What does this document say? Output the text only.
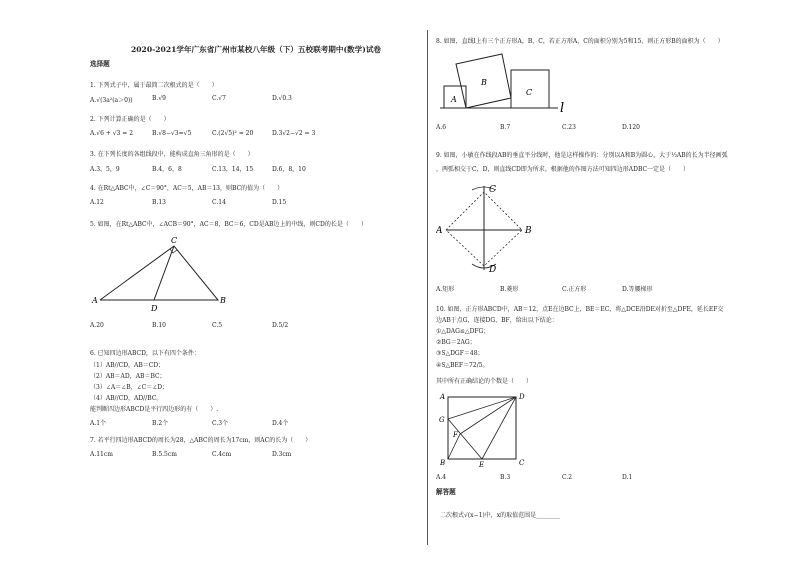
2020-2021学年广东省广州市某校八年级（下）五校联考期中(数学)试卷
选择题
1. 下列式子中，属于最简二次根式的是（　　）
A.√(3a²(a＞0))	B.√9	C.√7	D.√0.3
2. 下列计算正确的是（　　）
A.√6 + √3 = 2	B.√8−√3=√5	C.(2√5)² = 20	D.3√2−√2 = 3
3. 在下列长度的各组线段中，能构成直角三角形的是（　　）
A.3，5，9	B.4，6，8	C.13，14，15	D.6，8，10
4. 在Rt△ABC中，∠C＝90°，AC＝5，AB＝13，则BC的值为（　　）
A.12	B.13	C.14	D.15
5. 如图，在Rt△ABC中，∠ACB＝90°，AC＝8，BC＝6，CD是AB边上的中线，则CD的长是（　　）
A	B
C
D
A.20	B.10	C.5	D.5/2
6. 已知四边形ABCD，以下有四个条件：
（1）AB//CD，AB＝CD；
（2）AB＝AD，AB＝BC；
（3）∠A＝∠B，∠C＝∠D；
（4）AB//CD，AD//BC。
能判断四边形ABCD是平行四边形的有（　　）.
A.1个	B.2个	C.3个	D.4个
7. 若平行四边形ABCD的周长为28，△ABC的周长为17cm，则AC的长为（　　）
A.11cm	B.5.5cm	C.4cm	D.3cm
8. 如图，直线l上有三个正方形A，B，C，若正方形A，C的面积分别为5和15，则正方形B的面积为（　　）
A
B
C
l
A.6	B.7	C.23	D.120
9. 如图，小敏在作线段AB的垂直平分线时，他是这样操作的：分别以A和B为圆心，大于½AB的长为半径画弧
，两弧相交于C，D，则直线CD即为所求。根据他的作图方法可知四边形ADBC一定是（　　）
A	B
C
D
A.矩形	B.菱形	C.正方形	D.等腰梯形
10. 如图，正方形ABCD中，AB＝12，点E在边BC上，BE＝EC，将△DCE沿DE对折至△DFE，延长EF交
边AB于点G，连接DG、BF，给出以下结论：
①△DAG≌△DFG；
②BG＝2AG；
③S△DGF＝48；
④S△BEF＝72/5。
其中所有正确结论的个数是（　　）
A
B	C
D
E
F
G
A.4	B.3	C.2	D.1
解答题
二次根式√(x−1)中，x的取值范围是________
